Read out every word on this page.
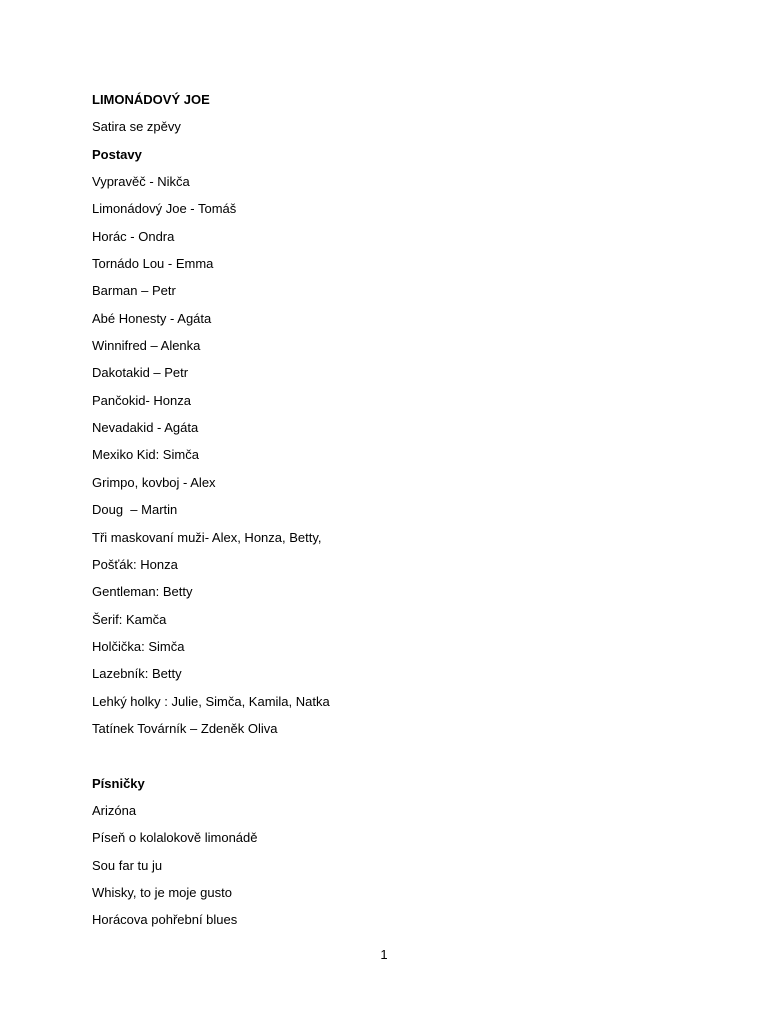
LIMONÁDOVÝ JOE
Satira se zpěvy
Postavy
Vypravěč - Nikča
Limonádový Joe - Tomáš
Horác - Ondra
Tornádo Lou - Emma
Barman – Petr
Abé Honesty - Agáta
Winnifred – Alenka
Dakotakid – Petr
Pančokid- Honza
Nevadakid - Agáta
Mexiko Kid: Simča
Grimpo, kovboj - Alex
Doug  – Martin
Tři maskovaní muži- Alex, Honza, Betty,
Pošťák: Honza
Gentleman: Betty
Šerif: Kamča
Holčička: Simča
Lazebník: Betty
Lehký holky : Julie, Simča, Kamila, Natka
Tatínek Továrník – Zdeněk Oliva
Písničky
Arizóna
Píseň o kolalokově limonádě
Sou far tu ju
Whisky, to je moje gusto
Horácova pohřební blues
1
